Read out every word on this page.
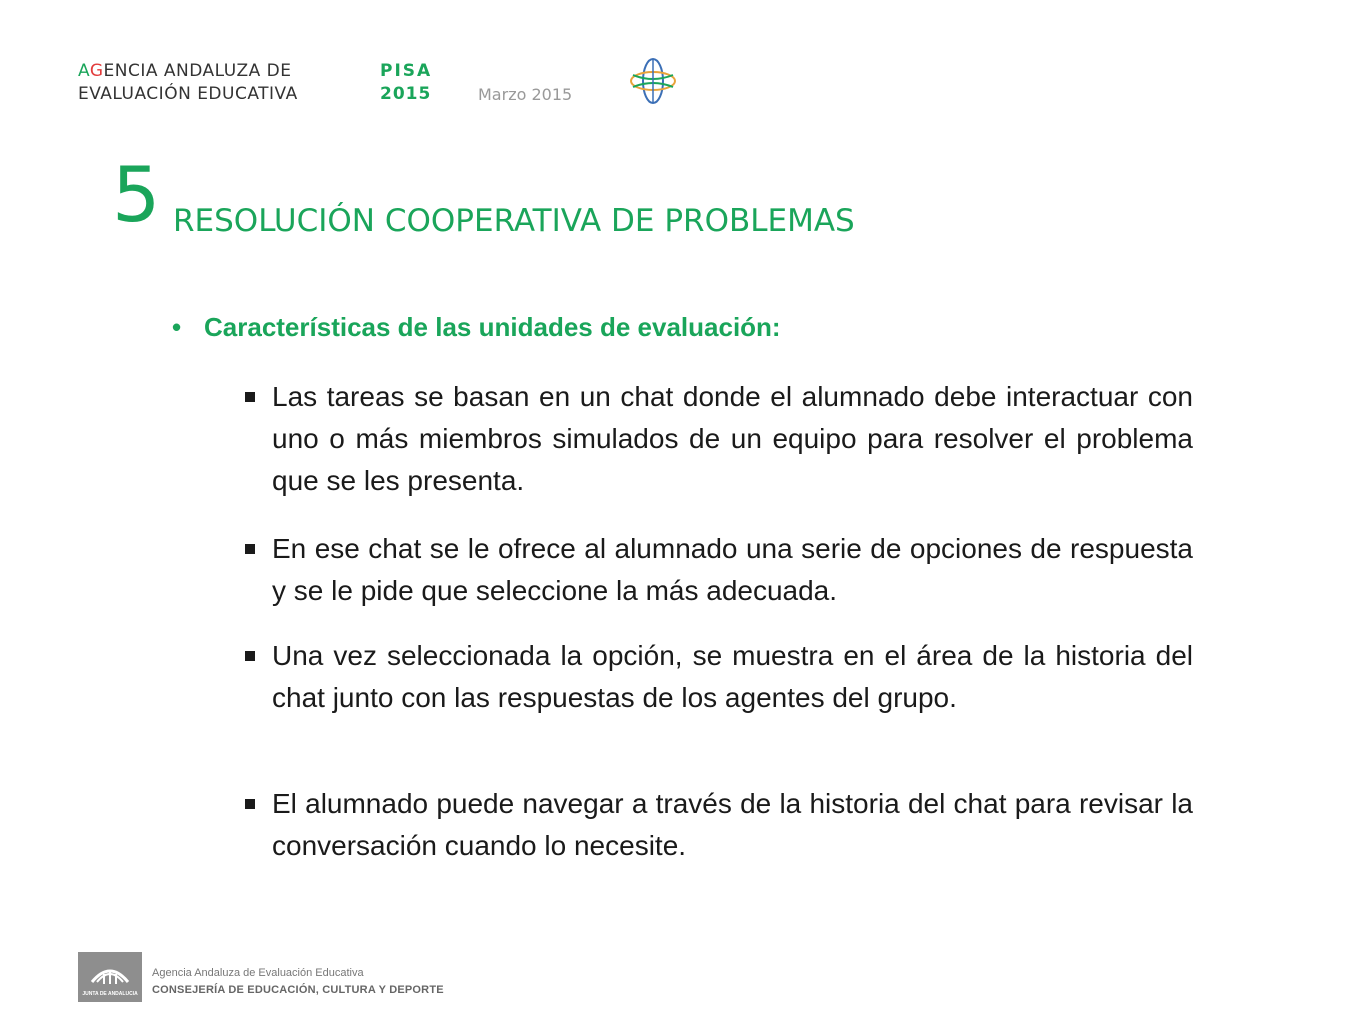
AGENCIA ANDALUZA DE
EVALUACIÓN EDUCATIVA
PISA
2015	Marzo 2015
5 RESOLUCIÓN COOPERATIVA DE PROBLEMAS
• Características de las unidades de evaluación:
Las tareas se basan en un chat donde el alumnado debe interactuar con uno o más miembros simulados de un equipo para resolver el problema que se les presenta.
En ese chat se le ofrece al alumnado una serie de opciones de respuesta y se le pide que seleccione la más adecuada.
Una vez seleccionada la opción, se muestra en el área de la historia del chat junto con las respuestas de los agentes del grupo.
El alumnado puede navegar a través de la historia del chat para revisar la conversación cuando lo necesite.
JUNTA DE ANDALUCIA
Agencia Andaluza de Evaluación Educativa
CONSEJERÍA DE EDUCACIÓN, CULTURA Y DEPORTE
